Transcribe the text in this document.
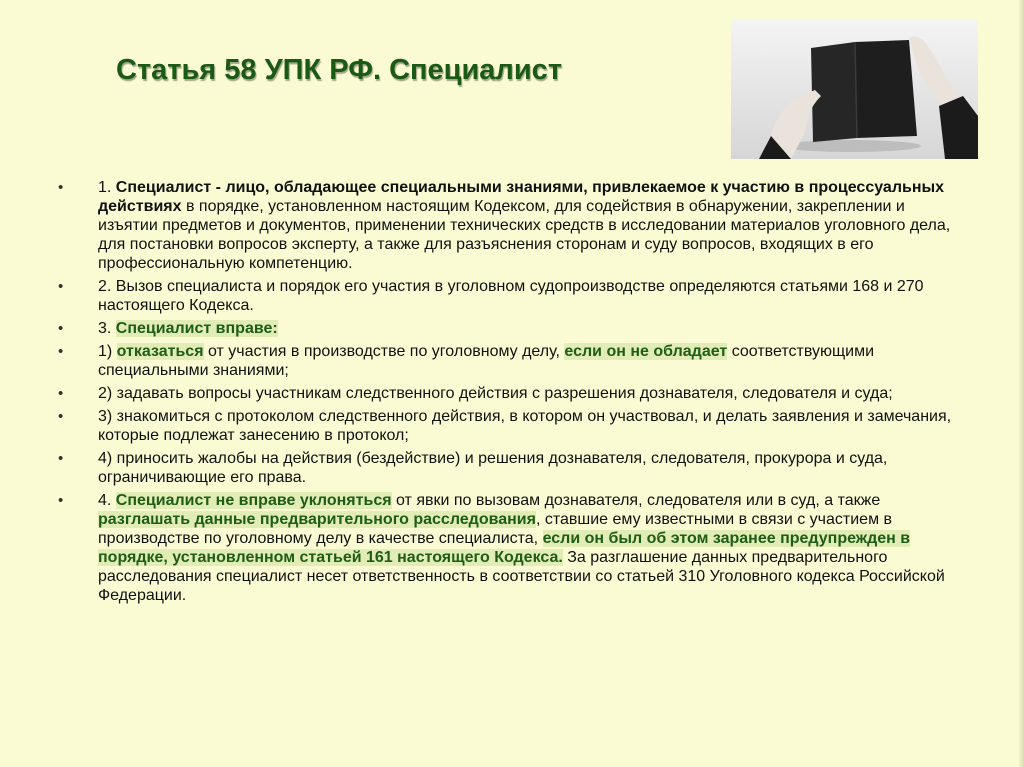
Статья 58 УПК РФ. Специалист
• 1. Специалист - лицо, обладающее специальными знаниями, привлекаемое к участию в процессуальных действиях в порядке, установленном настоящим Кодексом, для содействия в обнаружении, закреплении и изъятии предметов и документов, применении технических средств в исследовании материалов уголовного дела, для постановки вопросов эксперту, а также для разъяснения сторонам и суду вопросов, входящих в его профессиональную компетенцию.
• 2. Вызов специалиста и порядок его участия в уголовном судопроизводстве определяются статьями 168 и 270 настоящего Кодекса.
• 3. Специалист вправе:
• 1) отказаться от участия в производстве по уголовному делу, если он не обладает соответствующими специальными знаниями;
• 2) задавать вопросы участникам следственного действия с разрешения дознавателя, следователя и суда;
• 3) знакомиться с протоколом следственного действия, в котором он участвовал, и делать заявления и замечания, которые подлежат занесению в протокол;
• 4) приносить жалобы на действия (бездействие) и решения дознавателя, следователя, прокурора и суда, ограничивающие его права.
• 4. Специалист не вправе уклоняться от явки по вызовам дознавателя, следователя или в суд, а также разглашать данные предварительного расследования, ставшие ему известными в связи с участием в производстве по уголовному делу в качестве специалиста, если он был об этом заранее предупрежден в порядке, установленном статьей 161 настоящего Кодекса. За разглашение данных предварительного расследования специалист несет ответственность в соответствии со статьей 310 Уголовного кодекса Российской Федерации.
